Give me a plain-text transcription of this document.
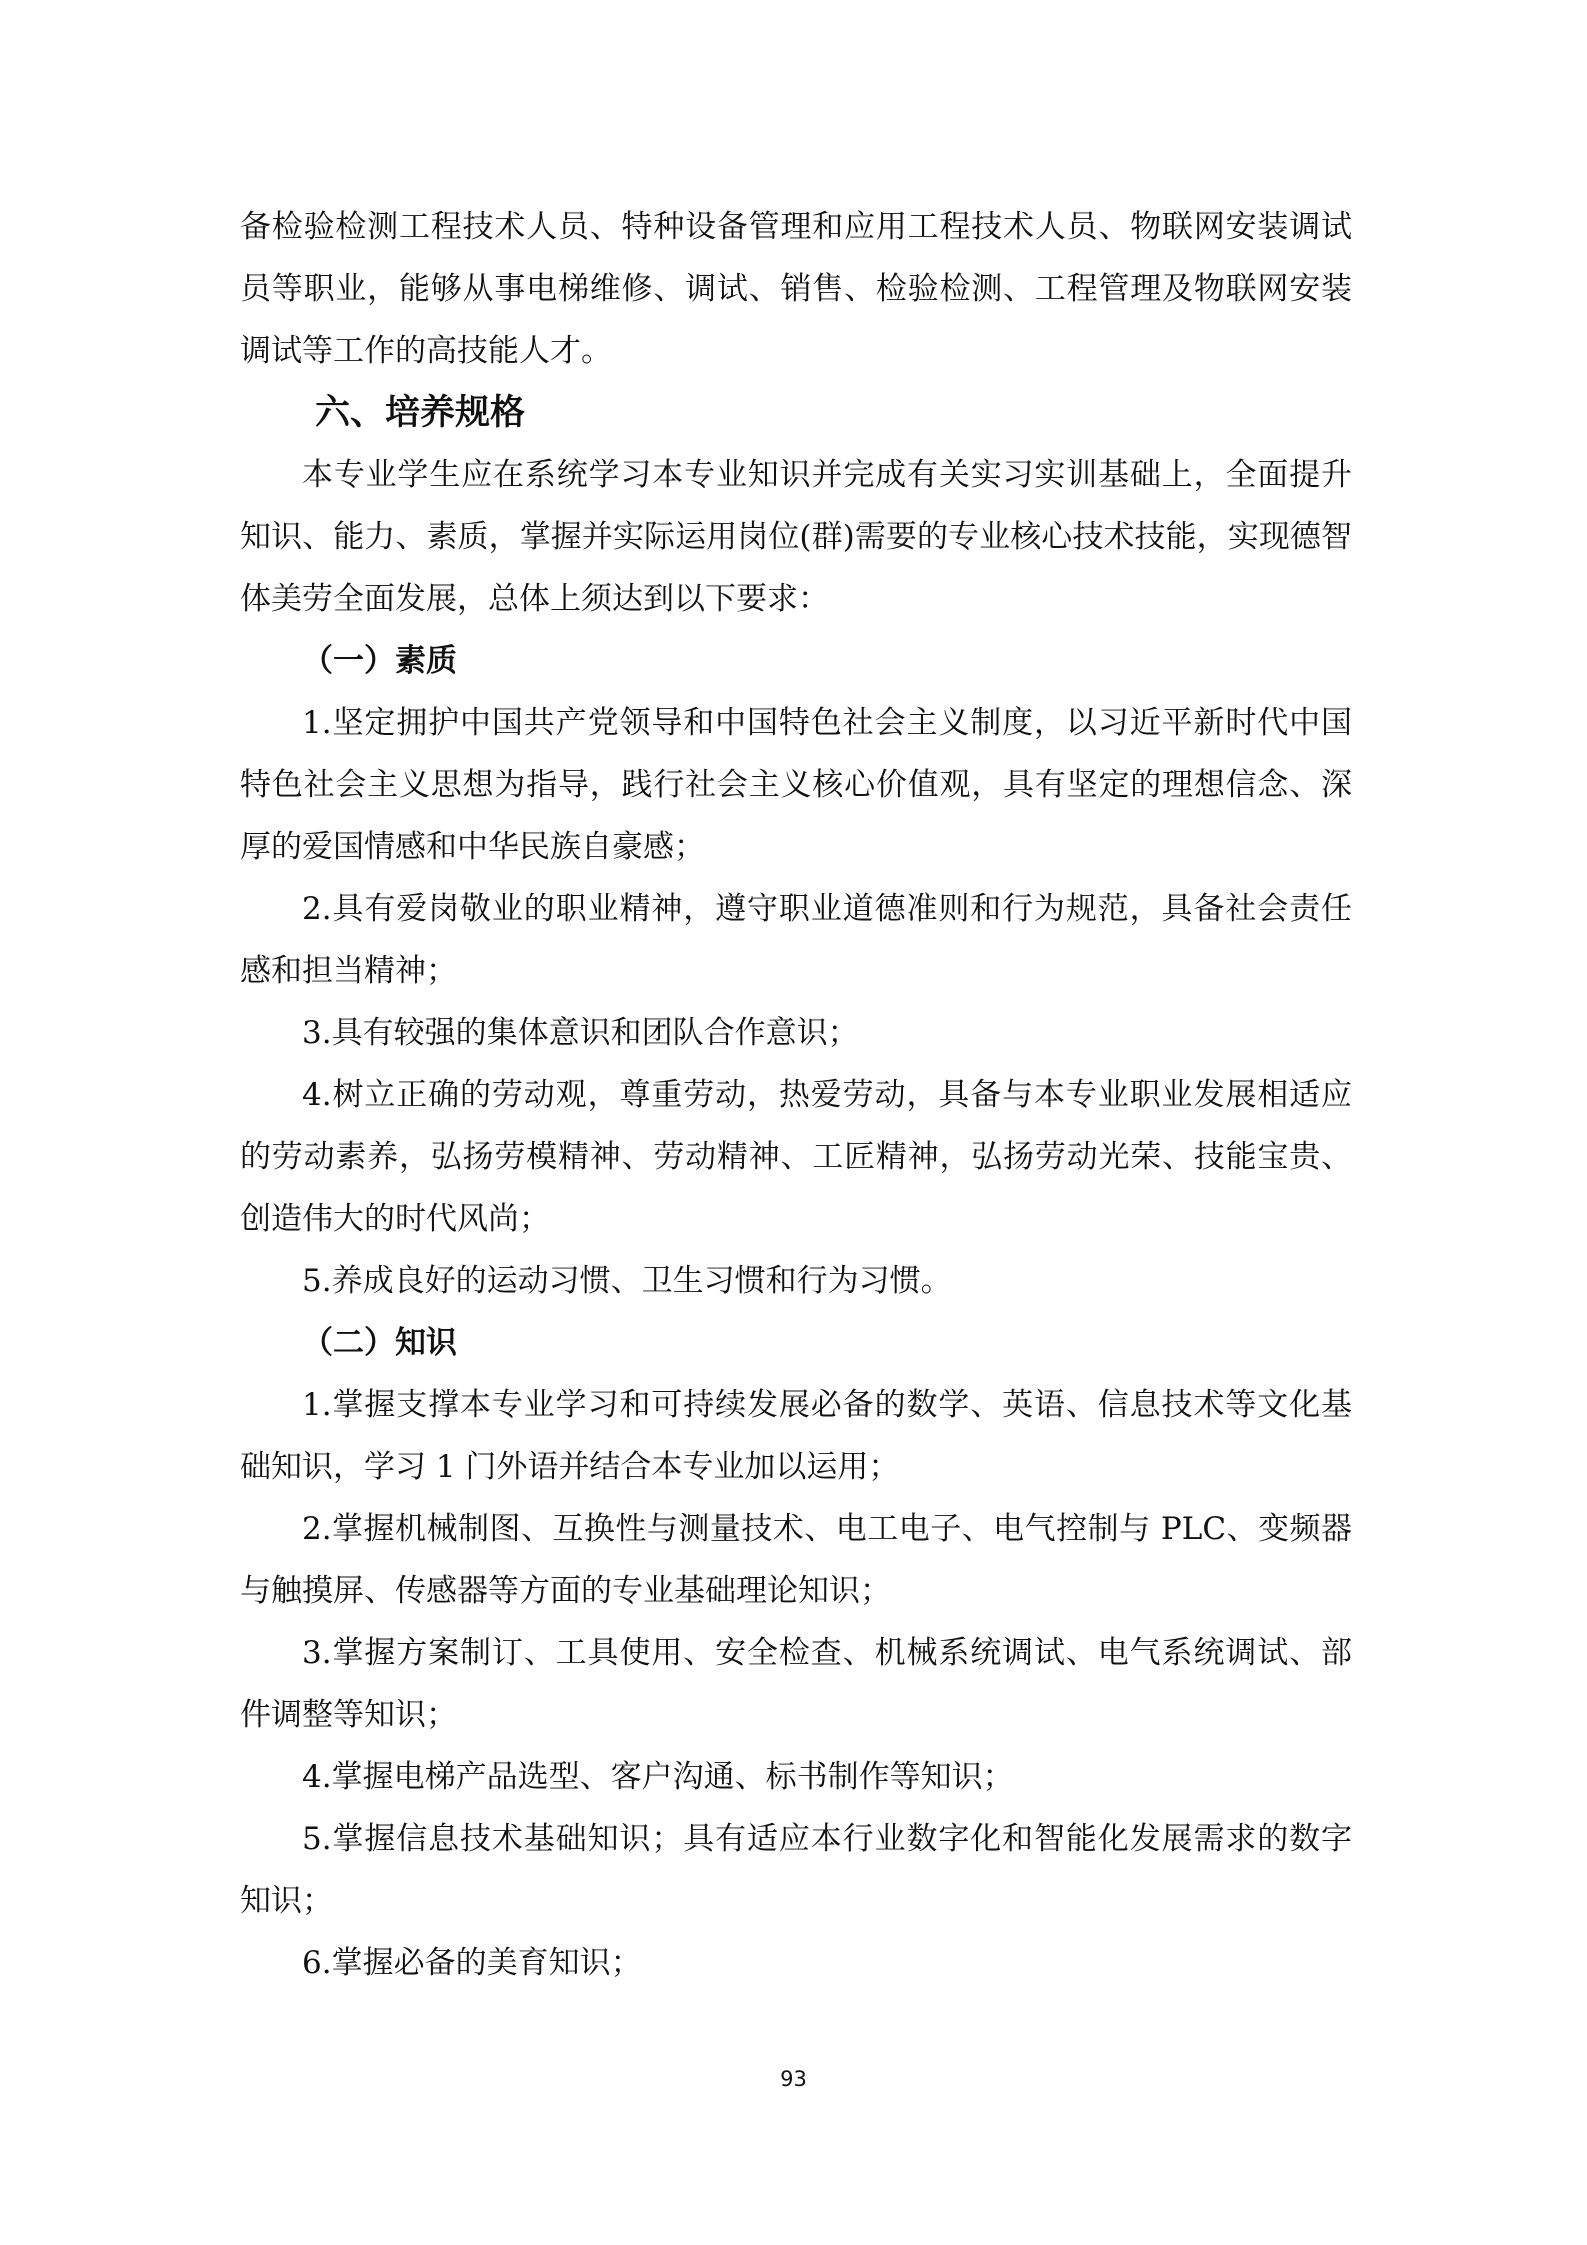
备检验检测工程技术人员、特种设备管理和应用工程技术人员、物联网安装调试员等职业，能够从事电梯维修、调试、销售、检验检测、工程管理及物联网安装调试等工作的高技能人才。

六、培养规格

本专业学生应在系统学习本专业知识并完成有关实习实训基础上，全面提升知识、能力、素质，掌握并实际运用岗位(群)需要的专业核心技术技能，实现德智体美劳全面发展，总体上须达到以下要求：

（一）素质

1.坚定拥护中国共产党领导和中国特色社会主义制度，以习近平新时代中国特色社会主义思想为指导，践行社会主义核心价值观，具有坚定的理想信念、深厚的爱国情感和中华民族自豪感；

2.具有爱岗敬业的职业精神，遵守职业道德准则和行为规范，具备社会责任感和担当精神；

3.具有较强的集体意识和团队合作意识；

4.树立正确的劳动观，尊重劳动，热爱劳动，具备与本专业职业发展相适应的劳动素养，弘扬劳模精神、劳动精神、工匠精神，弘扬劳动光荣、技能宝贵、创造伟大的时代风尚；

5.养成良好的运动习惯、卫生习惯和行为习惯。

（二）知识

1.掌握支撑本专业学习和可持续发展必备的数学、英语、信息技术等文化基础知识，学习 1 门外语并结合本专业加以运用；

2.掌握机械制图、互换性与测量技术、电工电子、电气控制与 PLC、变频器与触摸屏、传感器等方面的专业基础理论知识；

3.掌握方案制订、工具使用、安全检查、机械系统调试、电气系统调试、部件调整等知识；

4.掌握电梯产品选型、客户沟通、标书制作等知识；

5.掌握信息技术基础知识；具有适应本行业数字化和智能化发展需求的数字知识；

6.掌握必备的美育知识；

93
